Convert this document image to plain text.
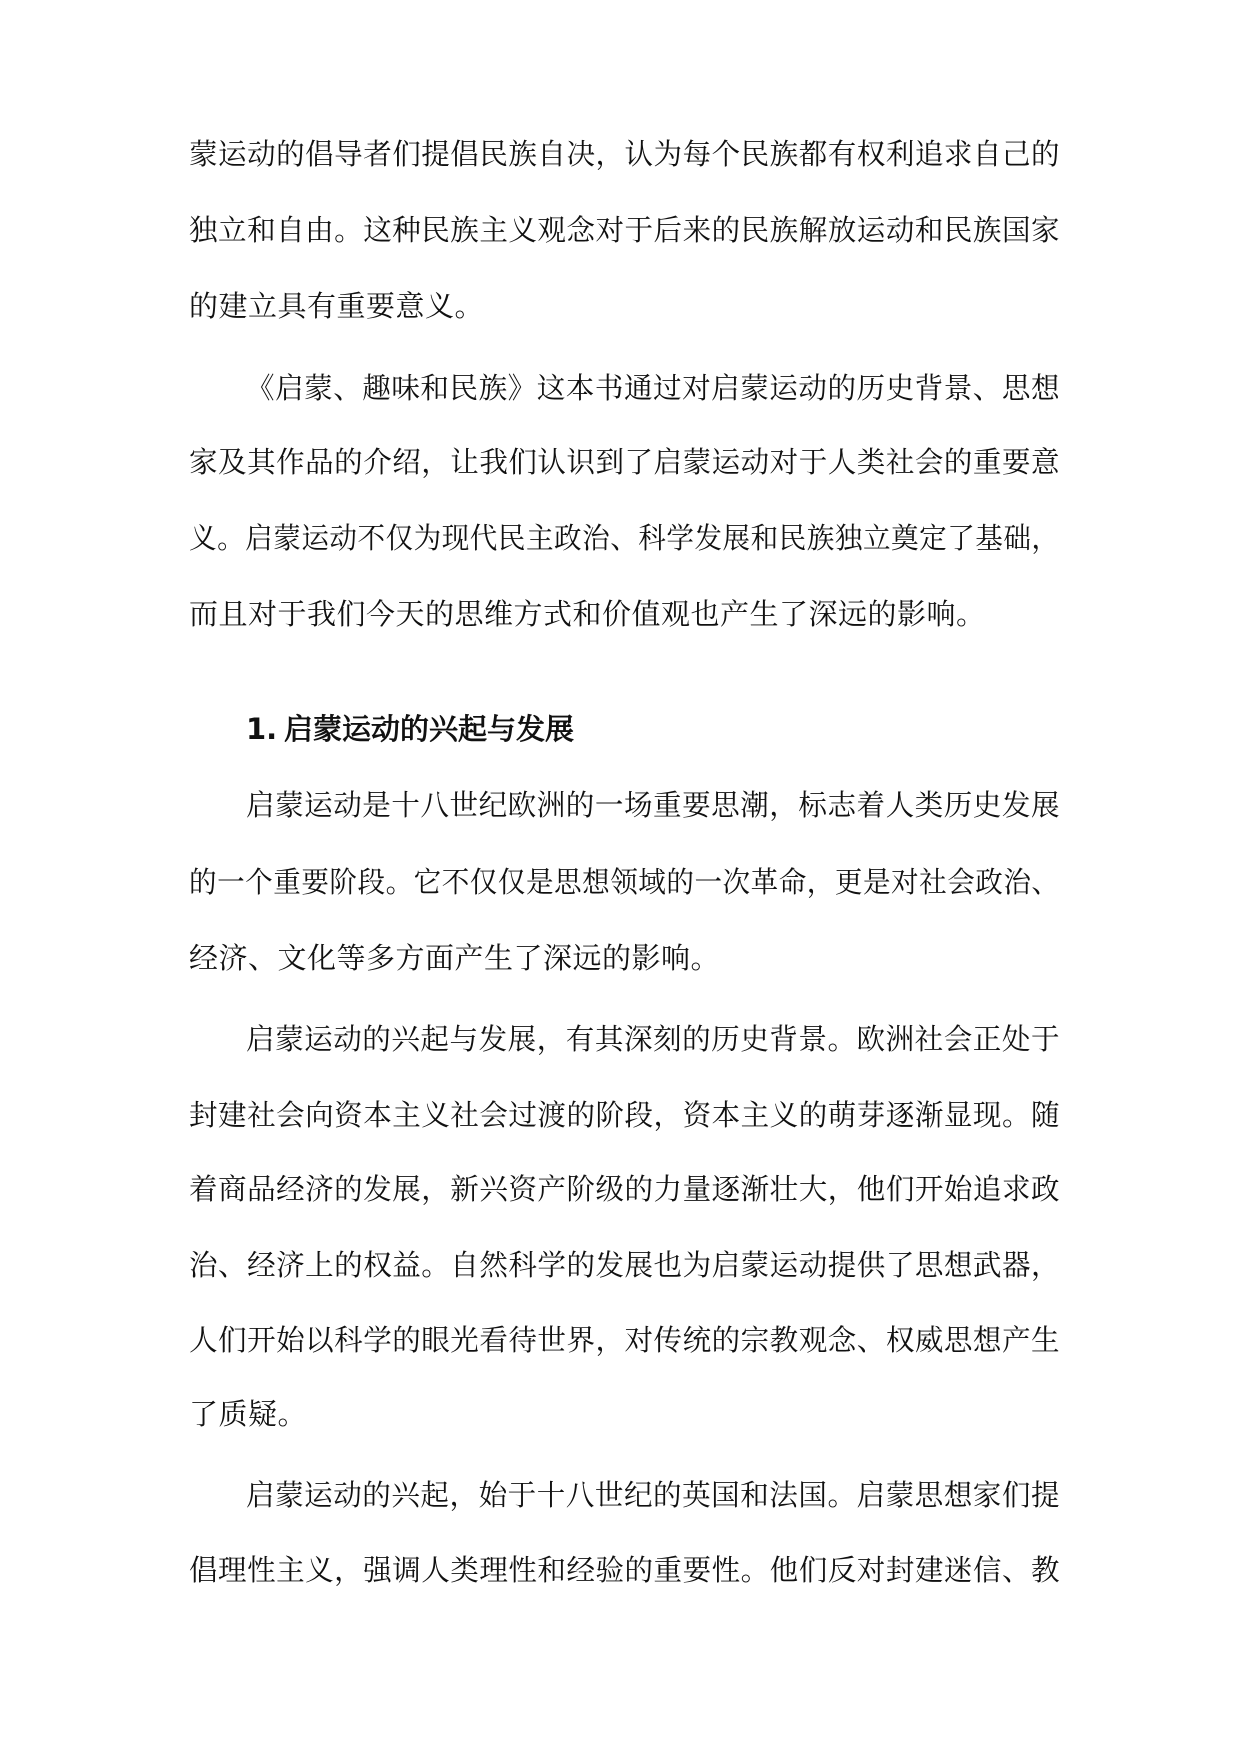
蒙运动的倡导者们提倡民族自决，认为每个民族都有权利追求自己的
独立和自由。这种民族主义观念对于后来的民族解放运动和民族国家
的建立具有重要意义。
《启蒙、趣味和民族》这本书通过对启蒙运动的历史背景、思想
家及其作品的介绍，让我们认识到了启蒙运动对于人类社会的重要意
义。启蒙运动不仅为现代民主政治、科学发展和民族独立奠定了基础，
而且对于我们今天的思维方式和价值观也产生了深远的影响。
1. 启蒙运动的兴起与发展
启蒙运动是十八世纪欧洲的一场重要思潮，标志着人类历史发展
的一个重要阶段。它不仅仅是思想领域的一次革命，更是对社会政治、
经济、文化等多方面产生了深远的影响。
启蒙运动的兴起与发展，有其深刻的历史背景。欧洲社会正处于
封建社会向资本主义社会过渡的阶段，资本主义的萌芽逐渐显现。随
着商品经济的发展，新兴资产阶级的力量逐渐壮大，他们开始追求政
治、经济上的权益。自然科学的发展也为启蒙运动提供了思想武器，
人们开始以科学的眼光看待世界，对传统的宗教观念、权威思想产生
了质疑。
启蒙运动的兴起，始于十八世纪的英国和法国。启蒙思想家们提
倡理性主义，强调人类理性和经验的重要性。他们反对封建迷信、教
